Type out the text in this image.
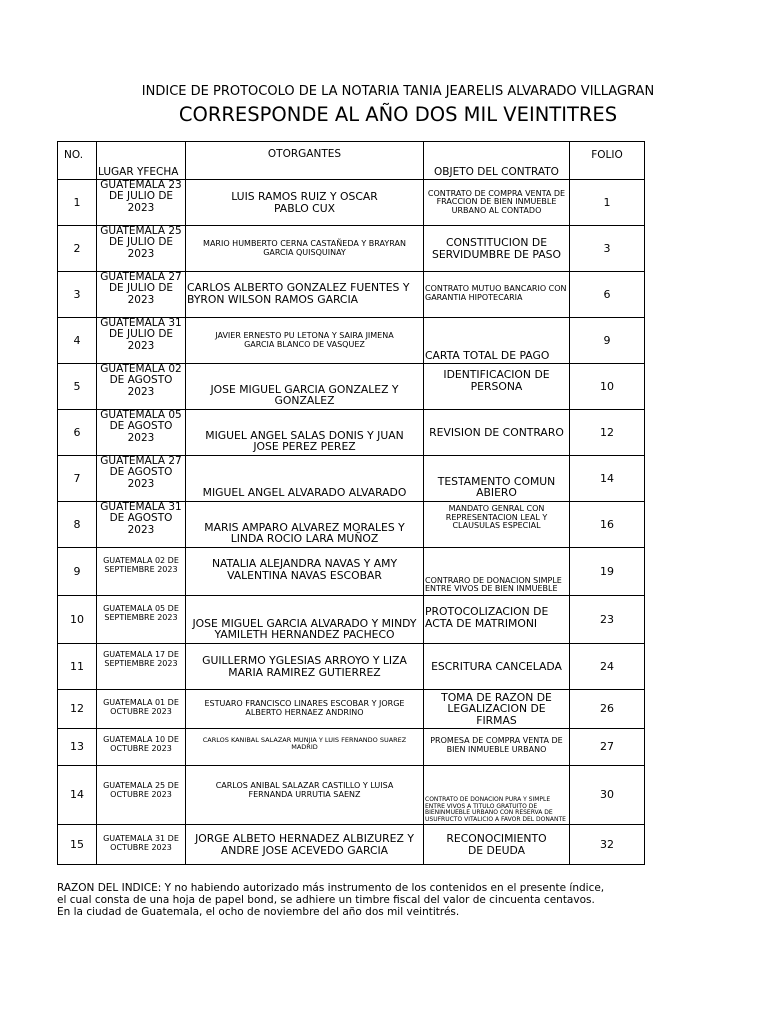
INDICE DE PROTOCOLO DE LA NOTARIA TANIA JEARELIS ALVARADO VILLAGRAN
CORRESPONDE AL AÑO DOS MIL VEINTITRES
NO.	LUGAR YFECHA	OTORGANTES	OBJETO DEL CONTRATO	FOLIO
1	GUATEMALA 23 DE JULIO DE 2023	LUIS RAMOS RUIZ Y OSCAR PABLO CUX	CONTRATO DE COMPRA VENTA DE FRACCION DE BIEN INMUEBLE URBANO AL CONTADO	1
2	GUATEMALA 25 DE JULIO DE 2023	MARIO HUMBERTO CERNA CASTAÑEDA Y BRAYRAN GARCIA QUISQUINAY	CONSTITUCION DE SERVIDUMBRE DE PASO	3
3	GUATEMALA 27 DE JULIO DE 2023	CARLOS ALBERTO GONZALEZ FUENTES Y BYRON WILSON RAMOS GARCIA	CONTRATO MUTUO BANCARIO CON GARANTIA HIPOTECARIA	6
4	GUATEMALA 31 DE JULIO DE 2023	JAVIER ERNESTO PU LETONA Y SAIRA JIMENA GARCIA BLANCO DE VASQUEZ	CARTA TOTAL DE PAGO	9
5	GUATEMALA 02 DE AGOSTO 2023	JOSE MIGUEL GARCIA GONZALEZ Y GONZALEZ	IDENTIFICACION DE PERSONA	10
6	GUATEMALA 05 DE AGOSTO 2023	MIGUEL ANGEL SALAS DONIS Y JUAN JOSE PEREZ PEREZ	REVISION DE CONTRARO	12
7	GUATEMALA 27 DE AGOSTO 2023	MIGUEL ANGEL ALVARADO ALVARADO	TESTAMENTO COMUN ABIERO	14
8	GUATEMALA 31 DE AGOSTO 2023	MARIS AMPARO ALVAREZ MORALES Y LINDA ROCIO LARA MUÑOZ	MANDATO GENRAL CON REPRESENTACION LEAL Y CLAUSULAS ESPECIAL	16
9	GUATEMALA 02 DE SEPTIEMBRE 2023	NATALIA ALEJANDRA NAVAS Y AMY VALENTINA NAVAS ESCOBAR	CONTRARO DE DONACION SIMPLE ENTRE VIVOS DE BIEN INMUEBLE	19
10	GUATEMALA 05 DE SEPTIEMBRE 2023	JOSE MIGUEL GARCIA ALVARADO Y MINDY YAMILETH HERNANDEZ PACHECO	PROTOCOLIZACION DE ACTA DE MATRIMONI	23
11	GUATEMALA 17 DE SEPTIEMBRE 2023	GUILLERMO YGLESIAS ARROYO Y LIZA MARIA RAMIREZ GUTIERREZ	ESCRITURA CANCELADA	24
12	GUATEMALA 01 DE OCTUBRE 2023	ESTUARO FRANCISCO LINARES ESCOBAR Y JORGE ALBERTO HERNAEZ ANDRINO	TOMA DE RAZON DE LEGALIZACION DE FIRMAS	26
13	GUATEMALA 10 DE OCTUBRE 2023	CARLOS KANIBAL SALAZAR MUNJIA Y LUIS FERNANDO SUAREZ MADRID	PROMESA DE COMPRA VENTA DE BIEN INMUEBLE URBANO	27
14	GUATEMALA 25 DE OCTUBRE 2023	CARLOS ANIBAL SALAZAR CASTILLO Y LUISA FERNANDA URRUTIA SAENZ	CONTRATO DE DONACION PURA Y SIMPLE ENTRE VIVOS A TITULO GRATUITO DE BIENINMUEBLE URBANO CON RESERVA DE USUFRUCTO VITALICIO A FAVOR DEL DONANTE	30
15	GUATEMALA 31 DE OCTUBRE 2023	JORGE ALBETO HERNADEZ ALBIZUREZ Y ANDRE JOSE ACEVEDO GARCIA	RECONOCIMIENTO DE DEUDA	32
RAZON DEL INDICE: Y no habiendo autorizado más instrumento de los contenidos en el presente índice,
el cual consta de una hoja de papel bond, se adhiere un timbre fiscal del valor de cincuenta centavos.
En la ciudad de Guatemala, el ocho de noviembre del año dos mil veintitrés.
